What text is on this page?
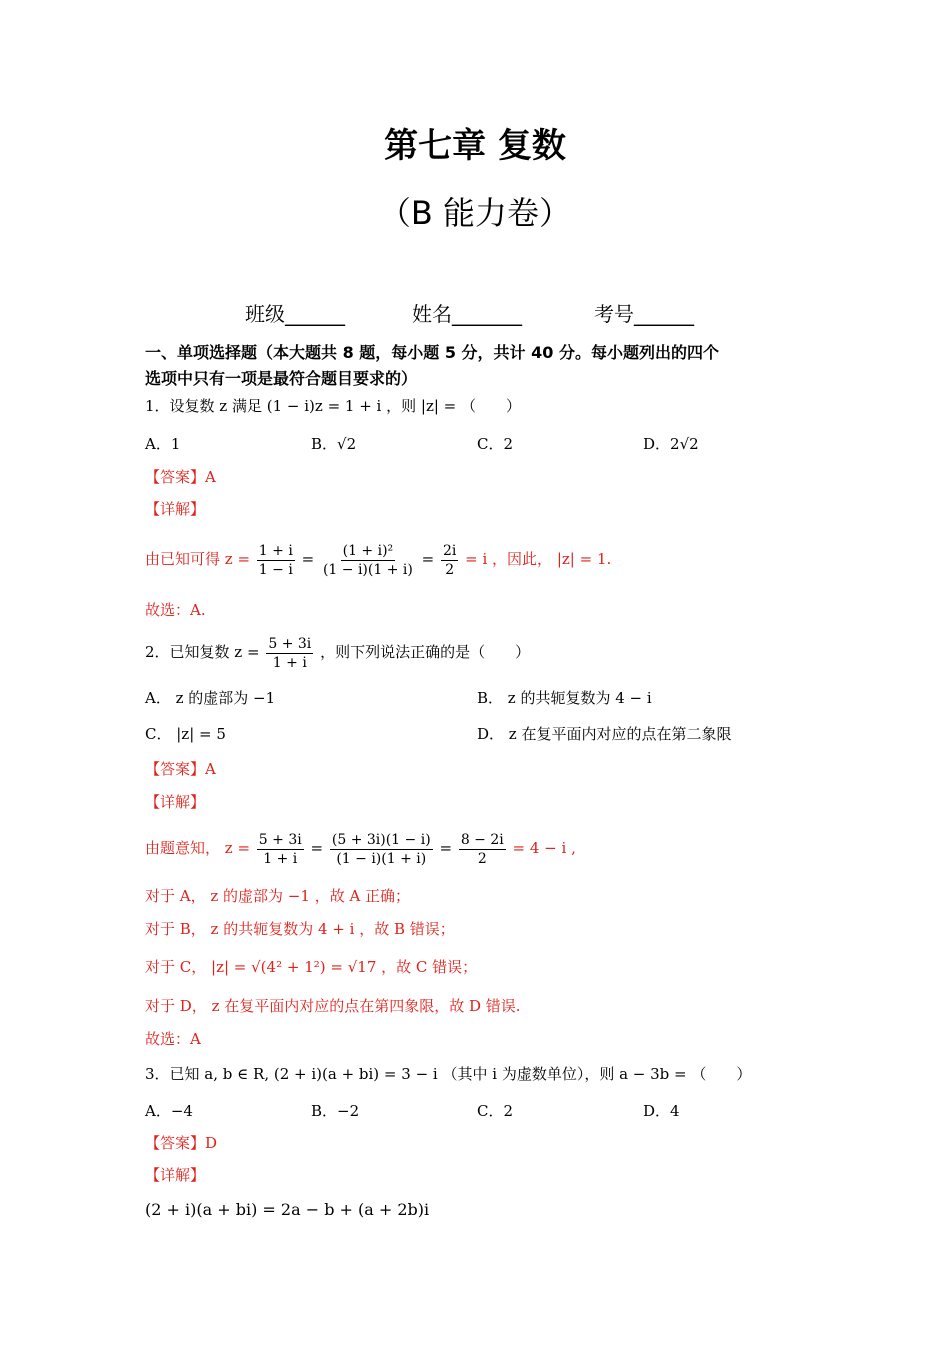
第七章 复数
（B 能力卷）
班级______	姓名_______	考号______
一、单项选择题（本大题共 8 题，每小题 5 分，共计 40 分。每小题列出的四个
选项中只有一项是最符合题目要求的）
1．设复数 z 满足 (1 − i)z = 1 + i ，则 |z| = （　　）
A．1	B．√2	C．2	D．2√2
【答案】A
【详解】
由已知可得 $z = \frac{1 + i}{1 - i} = \frac{\text{(1 + i)²}}{(1 - i)(1 + i)} = \frac{2i}{2} = i$ ，因此， |z| = 1.
故选：A.
2．已知复数 $z = \frac{5 + 3i}{1 + i}$ ，则下列说法正确的是（　　）
A． z 的虚部为 −1	B． z 的共轭复数为 4 − i
C． |z| = 5	D． z 在复平面内对应的点在第二象限
【答案】A
【详解】
由题意知， $z = \frac{5 + 3i}{1 + i} = \frac{(5 + 3i)(1 - i)}{(1 - i)(1 + i)} = \frac{8 - 2i}{2} = 4 - i$ ,
对于 A， z 的虚部为 −1 ，故 A 正确；
对于 B， z 的共轭复数为 4 + i ，故 B 错误；
对于 C， |z| = √(4² + 1²) = √17 ，故 C 错误；
对于 D， z 在复平面内对应的点在第四象限，故 D 错误.
故选：A
3．已知 a, b ∈ R, (2 + i)(a + bi) = 3 − i （其中 i 为虚数单位），则 a − 3b = （　　）
A．−4	B．−2	C．2	D．4
【答案】D
【详解】
(2 + i)(a + bi) = 2a − b + (a + 2b)i
